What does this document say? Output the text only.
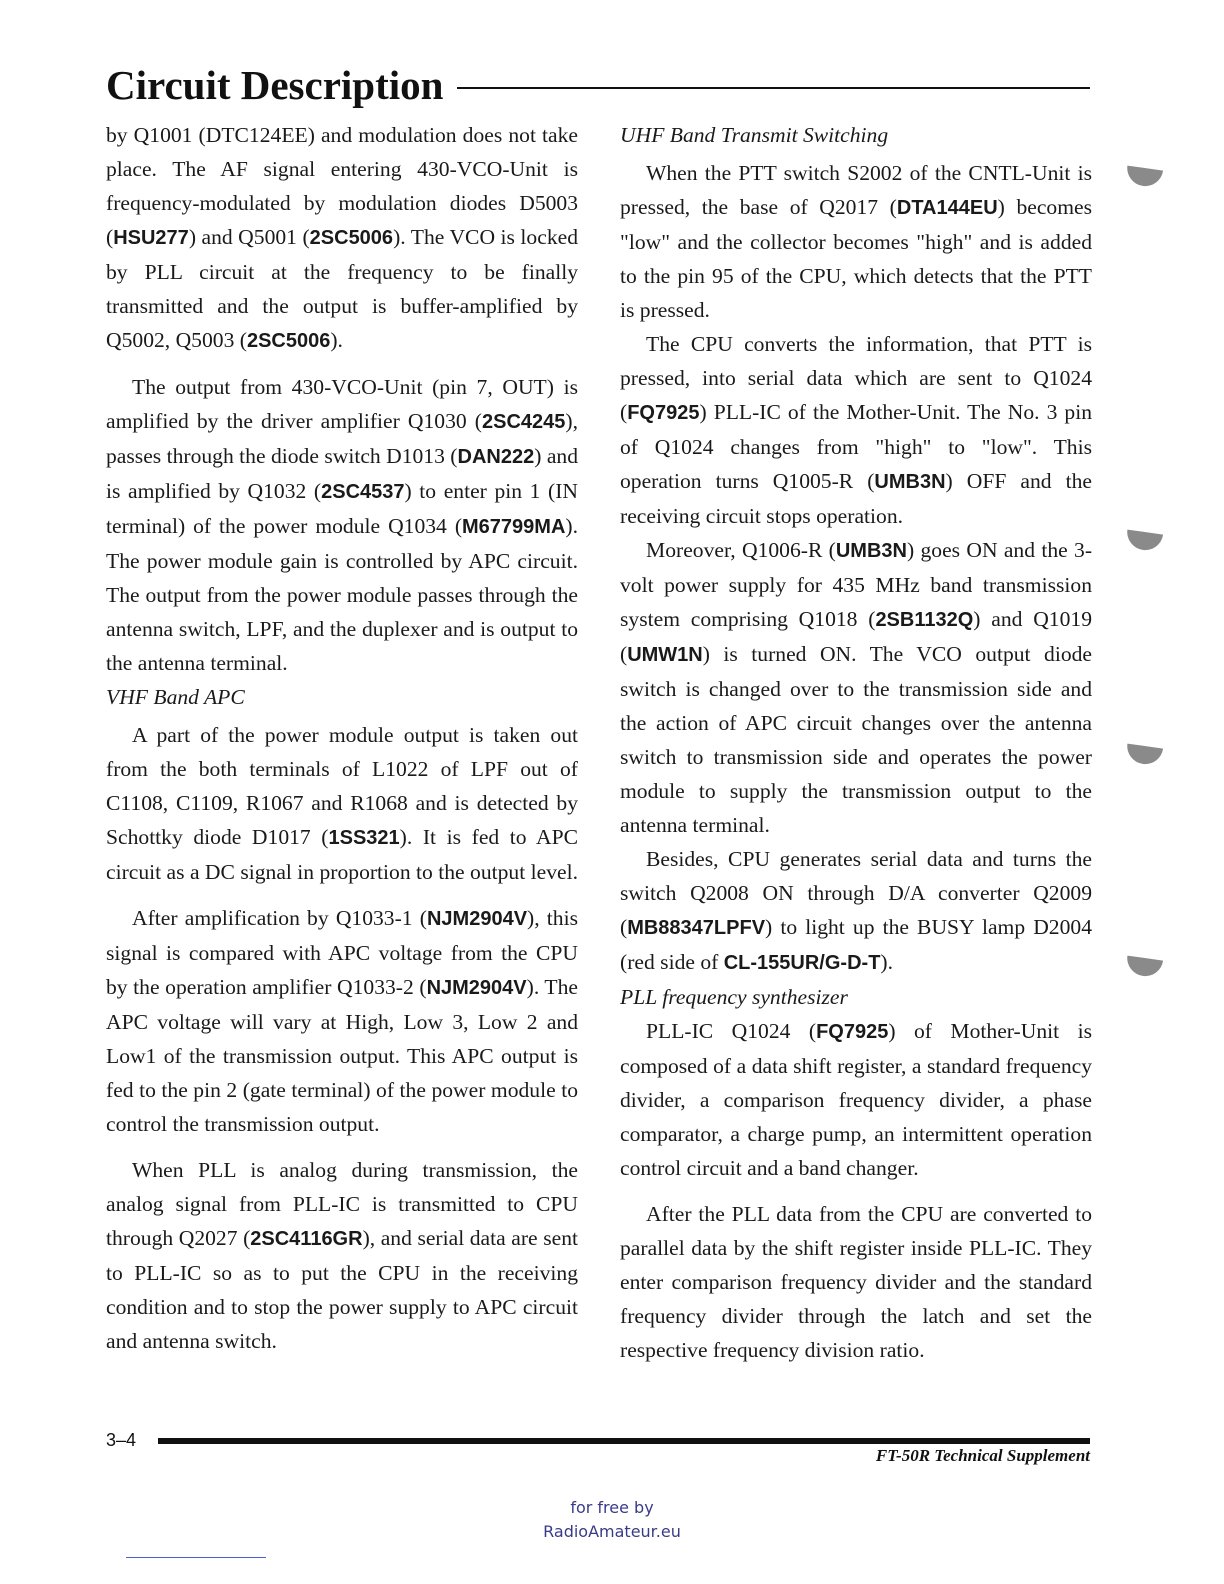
Circuit Description

by Q1001 (DTC124EE) and modulation does not take place. The AF signal entering 430-VCO-Unit is frequency-modulated by modulation diodes D5003 (HSU277) and Q5001 (2SC5006). The VCO is locked by PLL circuit at the frequency to be finally transmitted and the output is buffer-amplified by Q5002, Q5003 (2SC5006).

The output from 430-VCO-Unit (pin 7, OUT) is amplified by the driver amplifier Q1030 (2SC4245), passes through the diode switch D1013 (DAN222) and is amplified by Q1032 (2SC4537) to enter pin 1 (IN terminal) of the power module Q1034 (M67799MA). The power module gain is controlled by APC circuit. The output from the power module passes through the antenna switch, LPF, and the duplexer and is output to the antenna terminal.

VHF Band APC

A part of the power module output is taken out from the both terminals of L1022 of LPF out of C1108, C1109, R1067 and R1068 and is detected by Schottky diode D1017 (1SS321). It is fed to APC circuit as a DC signal in proportion to the output level.

After amplification by Q1033-1 (NJM2904V), this signal is compared with APC voltage from the CPU by the operation amplifier Q1033-2 (NJM2904V). The APC voltage will vary at High, Low 3, Low 2 and Low1 of the transmission output. This APC output is fed to the pin 2 (gate terminal) of the power module to control the transmission output.

When PLL is analog during transmission, the analog signal from PLL-IC is transmitted to CPU through Q2027 (2SC4116GR), and serial data are sent to PLL-IC so as to put the CPU in the receiving condition and to stop the power supply to APC circuit and antenna switch.

UHF Band Transmit Switching

When the PTT switch S2002 of the CNTL-Unit is pressed, the base of Q2017 (DTA144EU) becomes "low" and the collector becomes "high" and is added to the pin 95 of the CPU, which detects that the PTT is pressed.

The CPU converts the information, that PTT is pressed, into serial data which are sent to Q1024 (FQ7925) PLL-IC of the Mother-Unit. The No. 3 pin of Q1024 changes from "high" to "low". This operation turns Q1005-R (UMB3N) OFF and the receiving circuit stops operation.

Moreover, Q1006-R (UMB3N) goes ON and the 3-volt power supply for 435 MHz band transmission system comprising Q1018 (2SB1132Q) and Q1019 (UMW1N) is turned ON. The VCO output diode switch is changed over to the transmission side and the action of APC circuit changes over the antenna switch to transmission side and operates the power module to supply the transmission output to the antenna terminal.

Besides, CPU generates serial data and turns the switch Q2008 ON through D/A converter Q2009 (MB88347LPFV) to light up the BUSY lamp D2004 (red side of CL-155UR/G-D-T).

PLL frequency synthesizer

PLL-IC Q1024 (FQ7925) of Mother-Unit is composed of a data shift register, a standard frequency divider, a comparison frequency divider, a phase comparator, a charge pump, an intermittent operation control circuit and a band changer.

After the PLL data from the CPU are converted to parallel data by the shift register inside PLL-IC. They enter comparison frequency divider and the standard frequency divider through the latch and set the respective frequency division ratio.

3–4
FT-50R Technical Supplement
for free by
RadioAmateur.eu
